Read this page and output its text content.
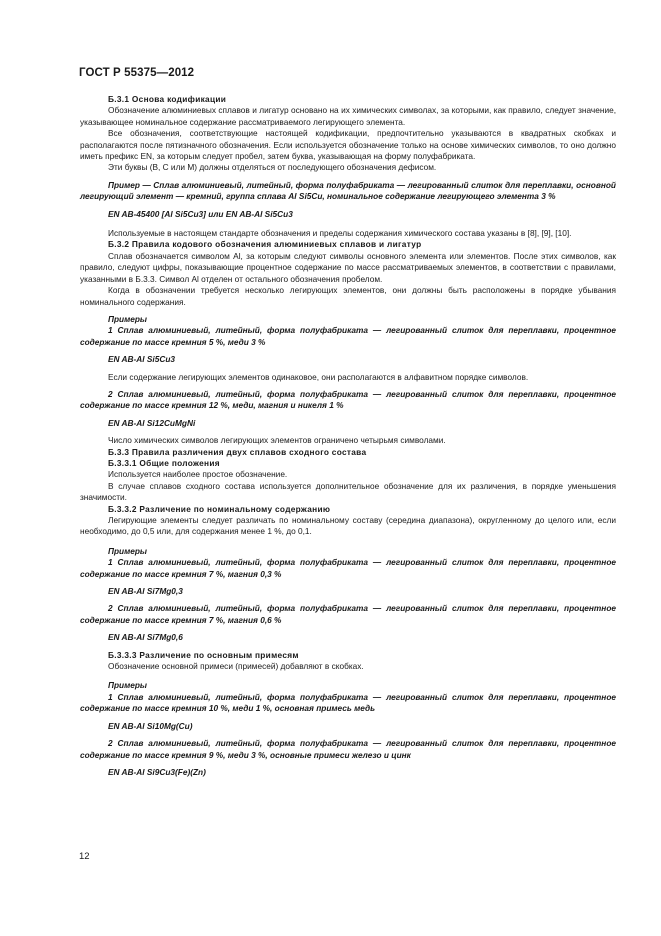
ГОСТ Р 55375—2012

Б.3.1 Основа кодификации

Обозначение алюминиевых сплавов и лигатур основано на их химических символах, за которыми, как правило, следует значение, указывающее номинальное содержание рассматриваемого легирующего элемента.

Все обозначения, соответствующие настоящей кодификации, предпочтительно указываются в квадратных скобках и располагаются после пятизначного обозначения. Если используется обозначение только на основе химических символов, то оно должно иметь префикс EN, за которым следует пробел, затем буква, указывающая на форму полуфабриката.

Эти буквы (B, C или M) должны отделяться от последующего обозначения дефисом.

Пример — Сплав алюминиевый, литейный, форма полуфабриката — легированный слиток для переплавки, основной легирующий элемент — кремний, группа сплава Al Si5Cu, номинальное содержание легирующего элемента 3 %

EN AB-45400 [Al Si5Cu3] или EN AB-Al Si5Cu3

Используемые в настоящем стандарте обозначения и пределы содержания химического состава указаны в [8], [9], [10].

Б.3.2 Правила кодового обозначения алюминиевых сплавов и лигатур

Сплав обозначается символом Al, за которым следуют символы основного элемента или элементов. После этих символов, как правило, следуют цифры, показывающие процентное содержание по массе рассматриваемых элементов, в соответствии с правилами, указанными в Б.3.3. Символ Al отделен от остального обозначения пробелом.

Когда в обозначении требуется несколько легирующих элементов, они должны быть расположены в порядке убывания номинального содержания.

Примеры

1 Сплав алюминиевый, литейный, форма полуфабриката — легированный слиток для переплавки, процентное содержание по массе кремния 5 %, меди 3 %

EN AB-Al Si5Cu3

Если содержание легирующих элементов одинаковое, они располагаются в алфавитном порядке символов.

2 Сплав алюминиевый, литейный, форма полуфабриката — легированный слиток для переплавки, процентное содержание по массе кремния 12 %, меди, магния и никеля 1 %

EN AB-Al Si12CuMgNi

Число химических символов легирующих элементов ограничено четырьмя символами.

Б.3.3 Правила различения двух сплавов сходного состава

Б.3.3.1 Общие положения

Используется наиболее простое обозначение.

В случае сплавов сходного состава используется дополнительное обозначение для их различения, в порядке уменьшения значимости.

Б.3.3.2 Различение по номинальному содержанию

Легирующие элементы следует различать по номинальному составу (середина диапазона), округленному до целого или, если необходимо, до 0,5 или, для содержания менее 1 %, до 0,1.

Примеры

1 Сплав алюминиевый, литейный, форма полуфабриката — легированный слиток для переплавки, процентное содержание по массе кремния 7 %, магния 0,3 %

EN AB-Al Si7Mg0,3

2 Сплав алюминиевый, литейный, форма полуфабриката — легированный слиток для переплавки, процентное содержание по массе кремния 7 %, магния 0,6 %

EN AB-Al Si7Mg0,6

Б.3.3.3 Различение по основным примесям

Обозначение основной примеси (примесей) добавляют в скобках.

Примеры

1 Сплав алюминиевый, литейный, форма полуфабриката — легированный слиток для переплавки, процентное содержание по массе кремния 10 %, меди 1 %, основная примесь медь

EN AB-Al Si10Mg(Cu)

2 Сплав алюминиевый, литейный, форма полуфабриката — легированный слиток для переплавки, процентное содержание по массе кремния 9 %, меди 3 %, основные примеси железо и цинк

EN AB-Al Si9Cu3(Fe)(Zn)

12
